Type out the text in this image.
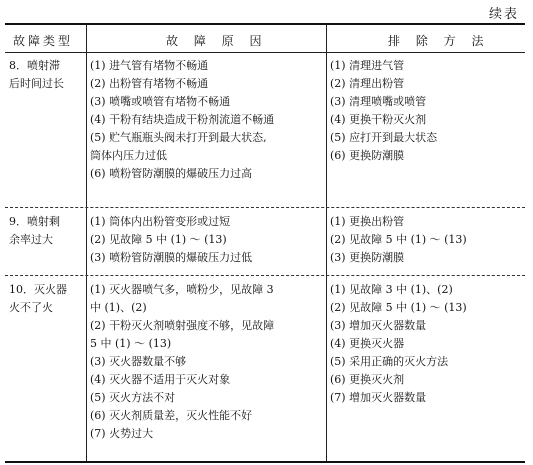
续表
故障类型	故 障 原 因	排 除 方 法
8．喷射滞
后时间过长
(1) 进气管有堵物不畅通
(2) 出粉管有堵物不畅通
(3) 喷嘴或喷管有堵物不畅通
(4) 干粉有结块造成干粉剂流道不畅通
(5) 贮气瓶瓶头阀未打开到最大状态,
筒体内压力过低
(6) 喷粉管防潮膜的爆破压力过高
(1) 清理进气管
(2) 清理出粉管
(3) 清理喷嘴或喷管
(4) 更换干粉灭火剂
(5) 应打开到最大状态
(6) 更换防潮膜
9．喷射剩
余率过大
(1) 筒体内出粉管变形或过短
(2) 见故障 5 中 (1) ～ (13)
(3) 喷粉管防潮膜的爆破压力过低
(1) 更换出粉管
(2) 见故障 5 中 (1) ～ (13)
(3) 更换防潮膜
10．灭火器
火不了火
(1) 灭火器喷气多，喷粉少，见故障 3
中 (1)、(2)
(2) 干粉灭火剂喷射强度不够，见故障
5 中 (1) ～ (13)
(3) 灭火器数量不够
(4) 灭火器不适用于灭火对象
(5) 灭火方法不对
(6) 灭火剂质量差，灭火性能不好
(7) 火势过大
(1) 见故障 3 中 (1)、(2)
(2) 见故障 5 中 (1) ～ (13)
(3) 增加灭火器数量
(4) 更换灭火器
(5) 采用正确的灭火方法
(6) 更换灭火剂
(7) 增加灭火器数量
